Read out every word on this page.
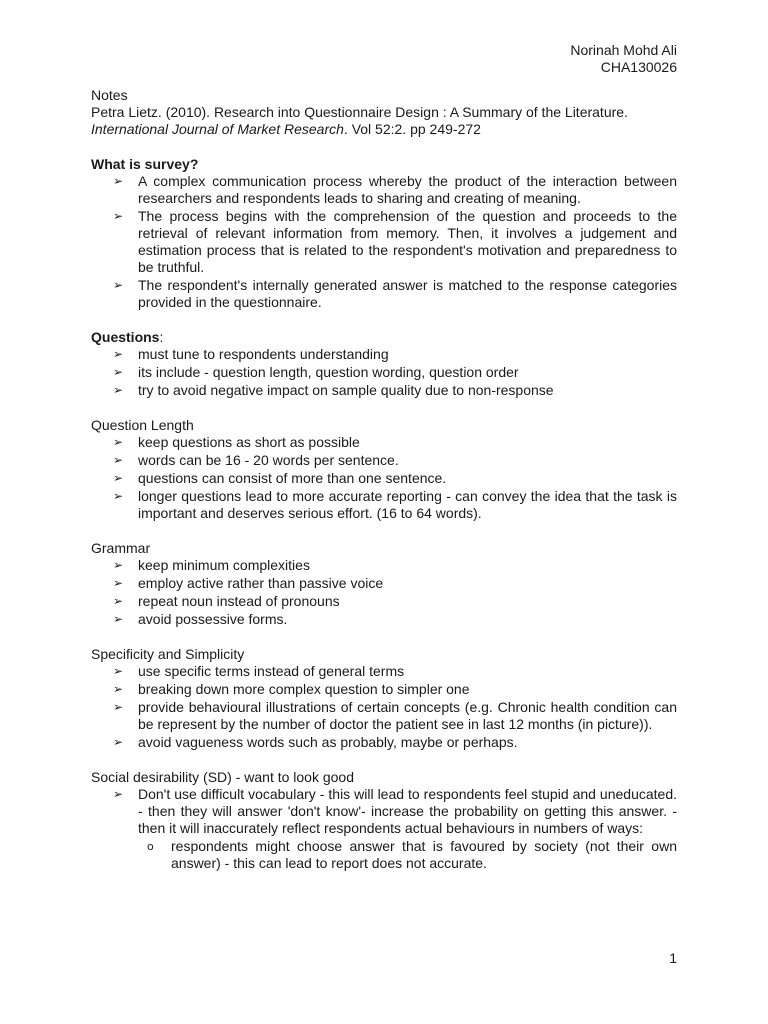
Norinah Mohd Ali
CHA130026

Notes

Petra Lietz. (2010). Research into Questionnaire Design : A Summary of the Literature. International Journal of Market Research. Vol 52:2. pp 249-272

What is survey?

➢ A complex communication process whereby the product of the interaction between researchers and respondents leads to sharing and creating of meaning.
➢ The process begins with the comprehension of the question and proceeds to the retrieval of relevant information from memory. Then, it involves a judgement and estimation process that is related to the respondent's motivation and preparedness to be truthful.
➢ The respondent's internally generated answer is matched to the response categories provided in the questionnaire.

Questions:

➢ must tune to respondents understanding
➢ its include - question length, question wording, question order
➢ try to avoid negative impact on sample quality due to non-response

Question Length

➢ keep questions as short as possible
➢ words can be 16 - 20 words per sentence.
➢ questions can consist of more than one sentence.
➢ longer questions lead to more accurate reporting - can convey the idea that the task is important and deserves serious effort. (16 to 64 words).

Grammar

➢ keep minimum complexities
➢ employ active rather than passive voice
➢ repeat noun instead of pronouns
➢ avoid possessive forms.

Specificity and Simplicity

➢ use specific terms instead of general terms
➢ breaking down more complex question to simpler one
➢ provide behavioural illustrations of certain concepts (e.g. Chronic health condition can be represent by the number of doctor the patient see in last 12 months (in picture)).
➢ avoid vagueness words such as probably, maybe or perhaps.

Social desirability (SD) - want to look good

➢ Don't use difficult vocabulary - this will lead to respondents feel stupid and uneducated. - then they will answer 'don't know'- increase the probability on getting this answer. - then it will inaccurately reflect respondents actual behaviours in numbers of ways:
o respondents might choose answer that is favoured by society (not their own answer) - this can lead to report does not accurate.
1
